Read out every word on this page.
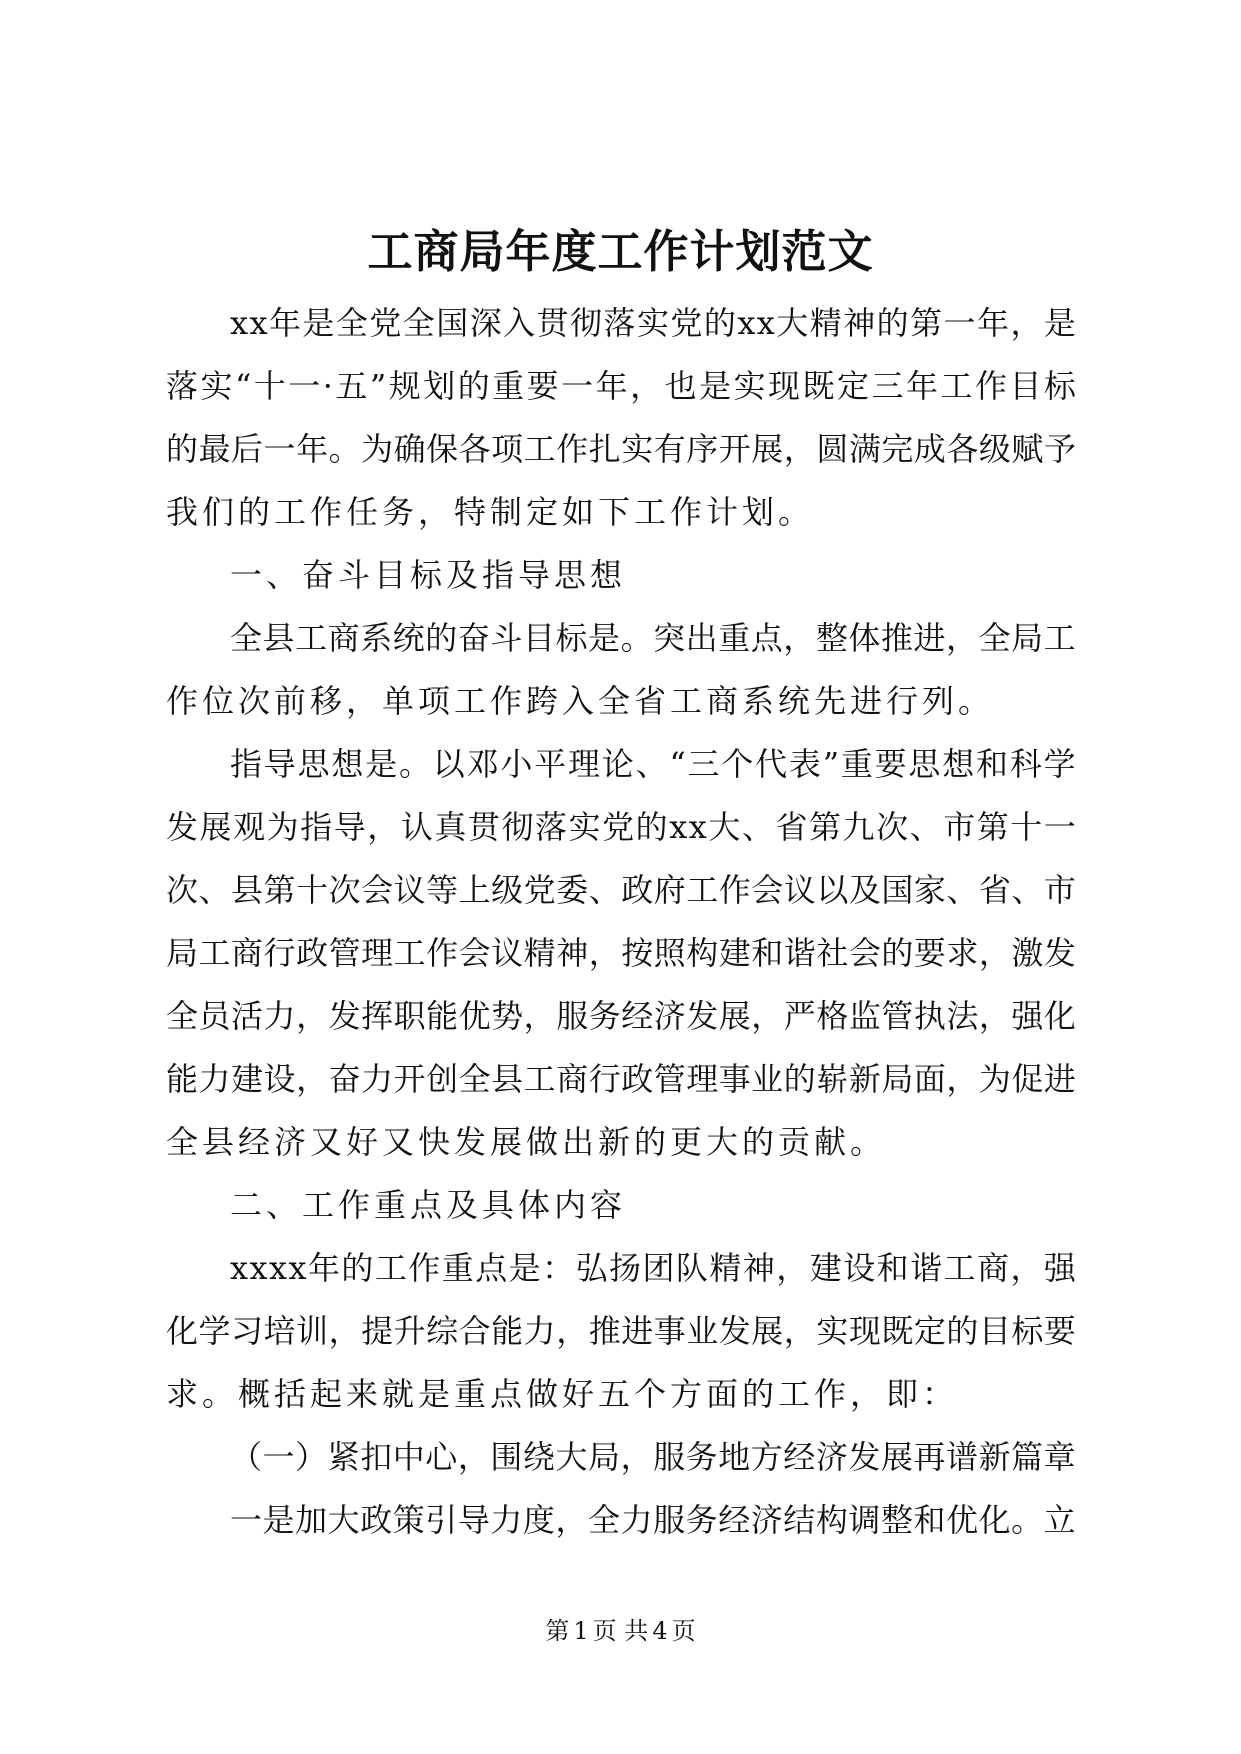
工商局年度工作计划范文
x x 年 是 全 党 全 国 深 入 贯 彻 落 实 党 的 x x 大 精 神 的 第 一 年 ， 是
落 实 “ 十 一 · 五 ” 规 划 的 重 要 一 年 ， 也 是 实 现 既 定 三 年 工 作 目 标
的 最 后 一 年 。 为 确 保 各 项 工 作 扎 实 有 序 开 展 ， 圆 满 完 成 各 级 赋 予
我们的工作任务，特制定如下工作计划。
一、奋斗目标及指导思想
全 县 工 商 系 统 的 奋 斗 目 标 是 。 突 出 重 点 ， 整 体 推 进 ， 全 局 工
作位次前移，单项工作跨入全省工商系统先进行列。
指 导 思 想 是 。 以 邓 小 平 理 论 、 “ 三 个 代 表 ” 重 要 思 想 和 科 学
发 展 观 为 指 导 ， 认 真 贯 彻 落 实 党 的 x x 大 、 省 第 九 次 、 市 第 十 一
次 、 县 第 十 次 会 议 等 上 级 党 委 、 政 府 工 作 会 议 以 及 国 家 、 省 、 市
局 工 商 行 政 管 理 工 作 会 议 精 神 ， 按 照 构 建 和 谐 社 会 的 要 求 ， 激 发
全 员 活 力 ， 发 挥 职 能 优 势 ， 服 务 经 济 发 展 ， 严 格 监 管 执 法 ， 强 化
能 力 建 设 ， 奋 力 开 创 全 县 工 商 行 政 管 理 事 业 的 崭 新 局 面 ， 为 促 进
全县经济又好又快发展做出新的更大的贡献。
二、工作重点及具体内容
x x x x 年 的 工 作 重 点 是 ： 弘 扬 团 队 精 神 ， 建 设 和 谐 工 商 ， 强
化 学 习 培 训 ， 提 升 综 合 能 力 ， 推 进 事 业 发 展 ， 实 现 既 定 的 目 标 要
求。概括起来就是重点做好五个方面的工作，即：
（ 一 ） 紧 扣 中 心 ， 围 绕 大 局 ， 服 务 地 方 经 济 发 展 再 谱 新 篇 章
一 是 加 大 政 策 引 导 力 度 ， 全 力 服 务 经 济 结 构 调 整 和 优 化 。 立
第 1 页 共 4 页
